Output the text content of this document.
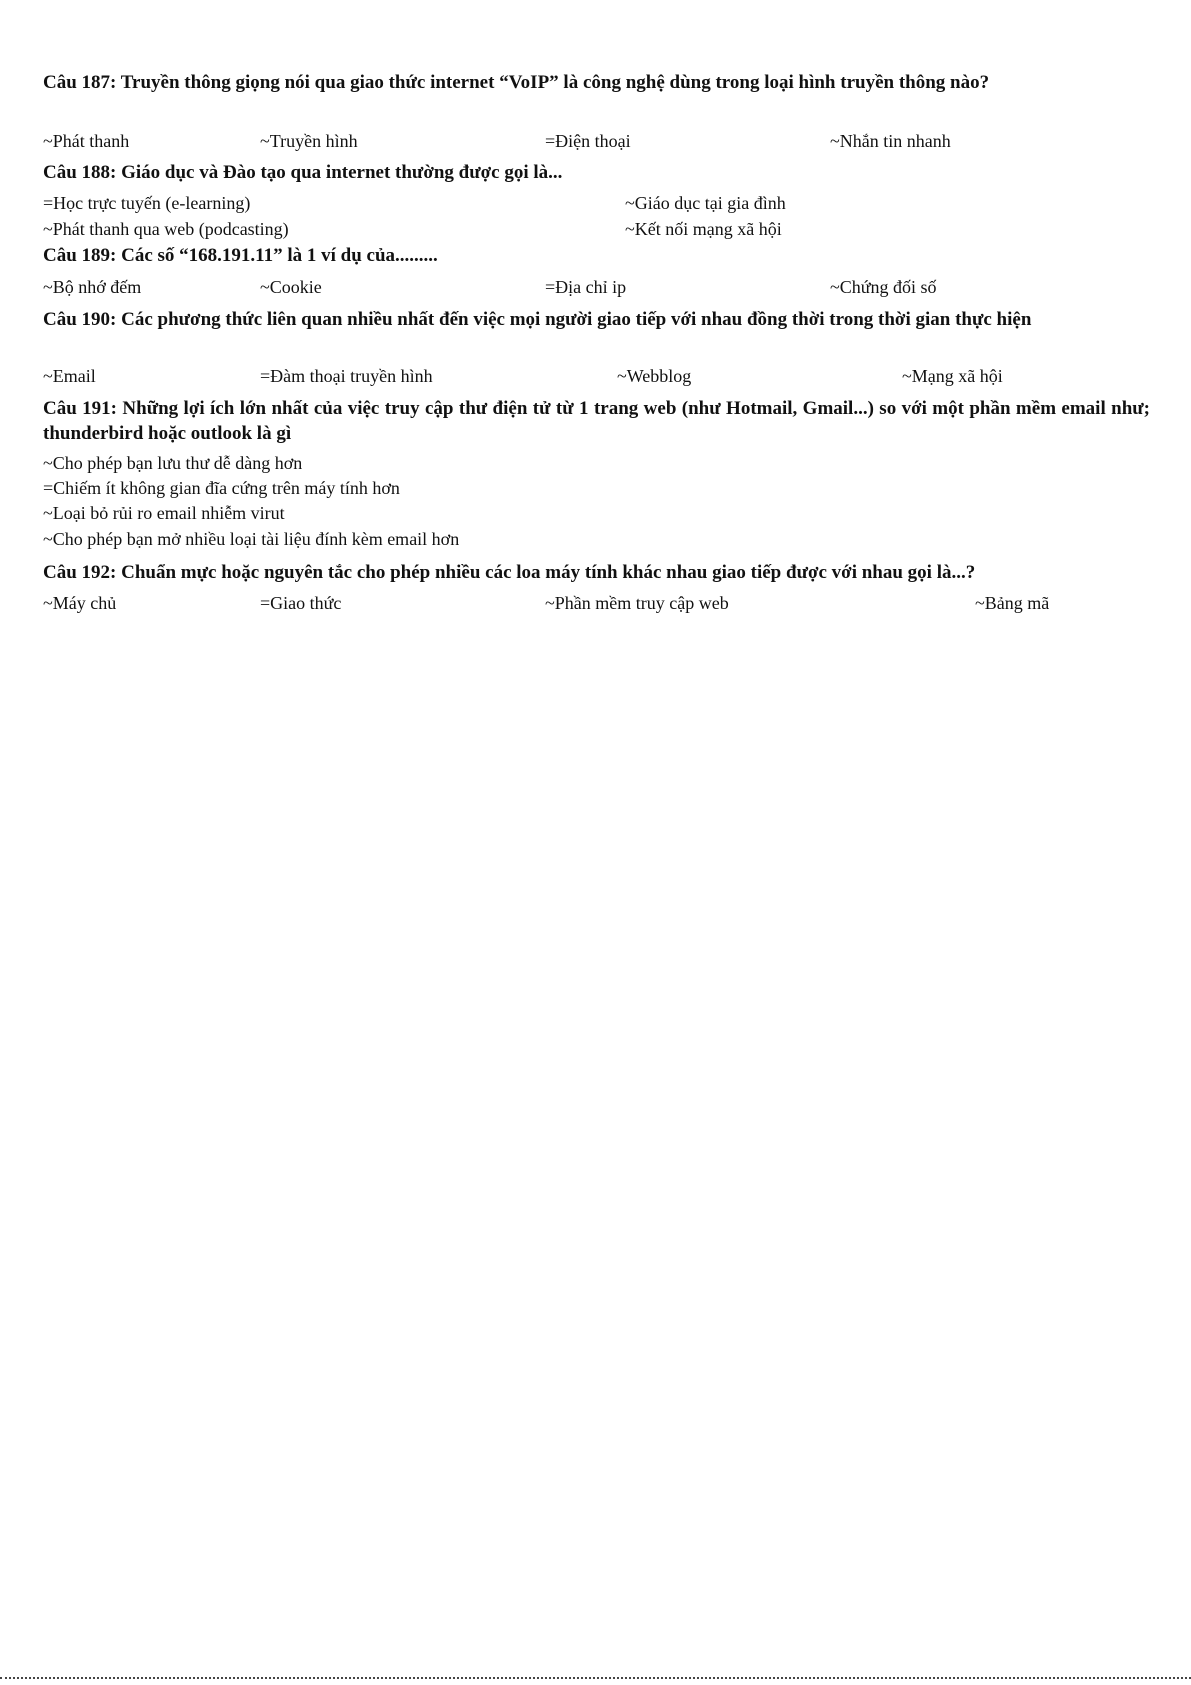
Câu 187: Truyền thông giọng nói qua giao thức internet “VoIP” là công nghệ dùng trong loại hình truyền thông nào?
~Phát thanh	~Truyền hình	=Điện thoại	~Nhắn tin nhanh
Câu 188: Giáo dục và Đào tạo qua internet thường được gọi là...
=Học trực tuyến (e-learning)	~Giáo dục tại gia đình
~Phát thanh qua web (podcasting)	~Kết nối mạng xã hội
Câu 189: Các số “168.191.11” là 1 ví dụ của.........
~Bộ nhớ đếm	~Cookie	=Địa chỉ ip	~Chứng đối số
Câu 190: Các phương thức liên quan nhiều nhất đến việc mọi người giao tiếp với nhau đồng thời trong thời gian thực hiện
~Email	=Đàm thoại truyền hình	~Webblog	~Mạng xã hội
Câu 191: Những lợi ích lớn nhất của việc truy cập thư điện tử từ 1 trang web (như Hotmail, Gmail...) so với một phần mềm email như; thunderbird hoặc outlook là gì
~Cho phép bạn lưu thư dễ dàng hơn
=Chiếm ít không gian đĩa cứng trên máy tính hơn
~Loại bỏ rủi ro email nhiễm virut
~Cho phép bạn mở nhiều loại tài liệu đính kèm email hơn
Câu 192: Chuẩn mực hoặc nguyên tắc cho phép nhiều các loa máy tính khác nhau giao tiếp được với nhau gọi là...?
~Máy chủ	=Giao thức	~Phần mềm truy cập web	~Bảng mã
